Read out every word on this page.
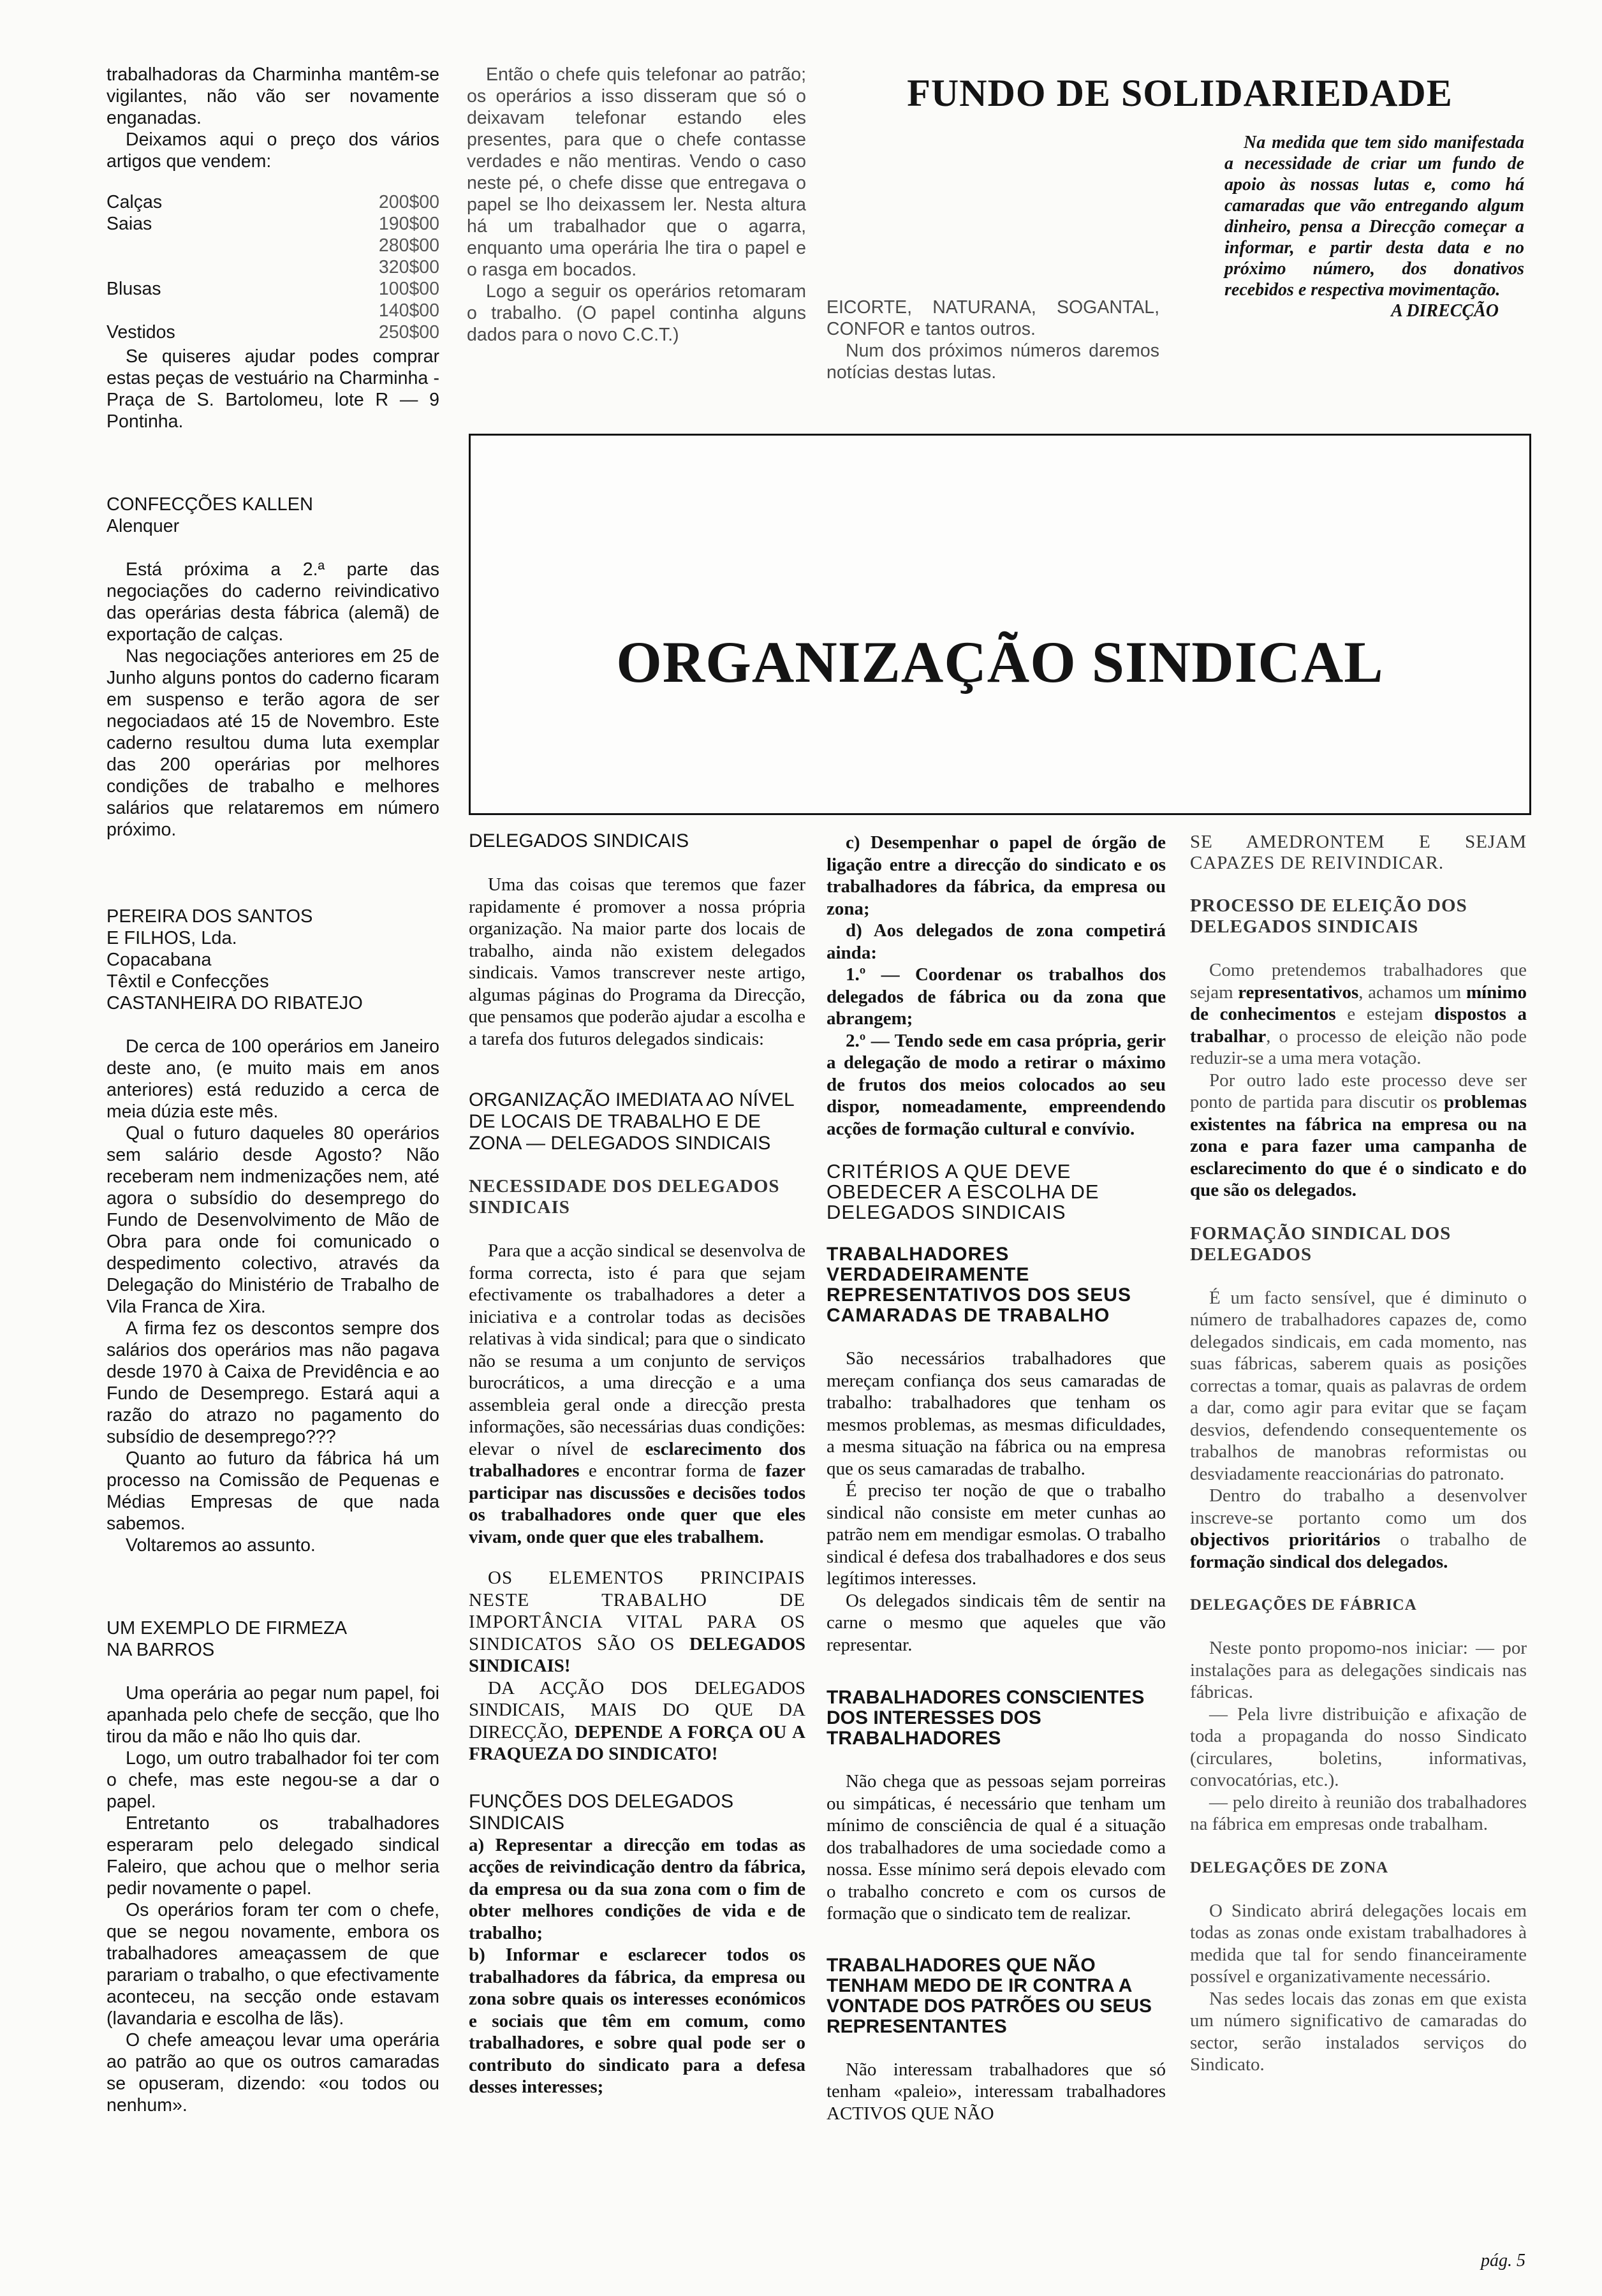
trabalhadoras da Charminha mantêm-se vigilantes, não vão ser novamente enganadas.

Deixamos aqui o preço dos vários artigos que vendem:

Calças	200$00
Saias	190$00
	280$00
	320$00
Blusas	100$00
	140$00
Vestidos	250$00

Se quiseres ajudar podes comprar estas peças de vestuário na Charminha - Praça de S. Bartolomeu, lote R — 9 Pontinha.

CONFECÇÕES KALLEN
Alenquer

Está próxima a 2.ª parte das negociações do caderno reivindicativo das operárias desta fábrica (alemã) de exportação de calças.

Nas negociações anteriores em 25 de Junho alguns pontos do caderno ficaram em suspenso e terão agora de ser negociadaos até 15 de Novembro. Este caderno resultou duma luta exemplar das 200 operárias por melhores condições de trabalho e melhores salários que relataremos em número próximo.

PEREIRA DOS SANTOS
E FILHOS, Lda.
Copacabana
Têxtil e Confecções
CASTANHEIRA DO RIBATEJO

De cerca de 100 operários em Janeiro deste ano, (e muito mais em anos anteriores) está reduzido a cerca de meia dúzia este mês.

Qual o futuro daqueles 80 operários sem salário desde Agosto? Não receberam nem indmenizações nem, até agora o subsídio do desemprego do Fundo de Desenvolvimento de Mão de Obra para onde foi comunicado o despedimento colectivo, através da Delegação do Ministério de Trabalho de Vila Franca de Xira.

A firma fez os descontos sempre dos salários dos operários mas não pagava desde 1970 à Caixa de Previdência e ao Fundo de Desemprego. Estará aqui a razão do atrazo no pagamento do subsídio de desemprego???

Quanto ao futuro da fábrica há um processo na Comissão de Pequenas e Médias Empresas de que nada sabemos.

Voltaremos ao assunto.

UM EXEMPLO DE FIRMEZA
NA BARROS

Uma operária ao pegar num papel, foi apanhada pelo chefe de secção, que lho tirou da mão e não lho quis dar.

Logo, um outro trabalhador foi ter com o chefe, mas este negou-se a dar o papel.

Entretanto os trabalhadores esperaram pelo delegado sindical Faleiro, que achou que o melhor seria pedir novamente o papel.

Os operários foram ter com o chefe, que se negou novamente, embora os trabalhadores ameaçassem de que parariam o trabalho, o que efectivamente aconteceu, na secção onde estavam (lavandaria e escolha de lãs).

O chefe ameaçou levar uma operária ao patrão ao que os outros camaradas se opuseram, dizendo: «ou todos ou nenhum».

Então o chefe quis telefonar ao patrão; os operários a isso disseram que só o deixavam telefonar estando eles presentes, para que o chefe contasse verdades e não mentiras. Vendo o caso neste pé, o chefe disse que entregava o papel se lho deixassem ler. Nesta altura há um trabalhador que o agarra, enquanto uma operária lhe tira o papel e o rasga em bocados.

Logo a seguir os operários retomaram o trabalho. (O papel continha alguns dados para o novo C.C.T.)

EICORTE, NATURANA, SOGANTAL, CONFOR e tantos outros.

Num dos próximos números daremos notícias destas lutas.

FUNDO DE SOLIDARIEDADE

Na medida que tem sido manifestada a necessidade de criar um fundo de apoio às nossas lutas e, como há camaradas que vão entregando algum dinheiro, pensa a Direcção começar a informar, e partir desta data e no próximo número, dos donativos recebidos e respectiva movimentação.

A DIRECÇÃO
ORGANIZAÇÃO SINDICAL
DELEGADOS SINDICAIS

Uma das coisas que teremos que fazer rapidamente é promover a nossa própria organização. Na maior parte dos locais de trabalho, ainda não existem delegados sindicais. Vamos transcrever neste artigo, algumas páginas do Programa da Direcção, que pensamos que poderão ajudar a escolha e a tarefa dos futuros delegados sindicais:

ORGANIZAÇÃO IMEDIATA AO NÍVEL DE LOCAIS DE TRABALHO E DE ZONA — DELEGADOS SINDICAIS
NECESSIDADE DOS DELEGADOS SINDICAIS

Para que a acção sindical se desenvolva de forma correcta, isto é para que sejam efectivamente os trabalhadores a deter a iniciativa e a controlar todas as decisões relativas à vida sindical; para que o sindicato não se resuma a um conjunto de serviços burocráticos, a uma direcção e a uma assembleia geral onde a direcção presta informações, são necessárias duas condições: elevar o nível de esclarecimento dos trabalhadores e encontrar forma de fazer participar nas discussões e decisões todos os trabalhadores onde quer que eles vivam, onde quer que eles trabalhem.

OS ELEMENTOS PRINCIPAIS NESTE TRABALHO DE IMPORTÂNCIA VITAL PARA OS SINDICATOS SÃO OS DELEGADOS SINDICAIS!

DA ACÇÃO DOS DELEGADOS SINDICAIS, MAIS DO QUE DA DIRECÇÃO, DEPENDE A FORÇA OU A FRAQUEZA DO SINDICATO!

FUNÇÕES DOS DELEGADOS SINDICAIS

a) Representar a direcção em todas as acções de reivindicação dentro da fábrica, da empresa ou da sua zona com o fim de obter melhores condições de vida e de trabalho;

b) Informar e esclarecer todos os trabalhadores da fábrica, da empresa ou zona sobre quais os interesses económicos e sociais que têm em comum, como trabalhadores, e sobre qual pode ser o contributo do sindicato para a defesa desses interesses;

c) Desempenhar o papel de órgão de ligação entre a direcção do sindicato e os trabalhadores da fábrica, da empresa ou zona;

d) Aos delegados de zona competirá ainda:

1.º — Coordenar os trabalhos dos delegados de fábrica ou da zona que abrangem;

2.º — Tendo sede em casa própria, gerir a delegação de modo a retirar o máximo de frutos dos meios colocados ao seu dispor, nomeadamente, empreendendo acções de formação cultural e convívio.

CRITÉRIOS A QUE DEVE OBEDECER A ESCOLHA DE DELEGADOS SINDICAIS
TRABALHADORES VERDADEIRAMENTE REPRESENTATIVOS DOS SEUS CAMARADAS DE TRABALHO

São necessários trabalhadores que mereçam confiança dos seus camaradas de trabalho: trabalhadores que tenham os mesmos problemas, as mesmas dificuldades, a mesma situação na fábrica ou na empresa que os seus camaradas de trabalho.

É preciso ter noção de que o trabalho sindical não consiste em meter cunhas ao patrão nem em mendigar esmolas. O trabalho sindical é defesa dos trabalhadores e dos seus legítimos interesses.

Os delegados sindicais têm de sentir na carne o mesmo que aqueles que vão representar.

TRABALHADORES CONSCIENTES DOS INTERESSES DOS TRABALHADORES

Não chega que as pessoas sejam porreiras ou simpáticas, é necessário que tenham um mínimo de consciência de qual é a situação dos trabalhadores de uma sociedade como a nossa. Esse mínimo será depois elevado com o trabalho concreto e com os cursos de formação que o sindicato tem de realizar.

TRABALHADORES QUE NÃO TENHAM MEDO DE IR CONTRA A VONTADE DOS PATRÕES OU SEUS REPRESENTANTES

Não interessam trabalhadores que só tenham «paleio», interessam trabalhadores ACTIVOS QUE NÃO

SE AMEDRONTEM E SEJAM CAPAZES DE REIVINDICAR.

PROCESSO DE ELEIÇÃO DOS DELEGADOS SINDICAIS

Como pretendemos trabalhadores que sejam representativos, achamos um mínimo de conhecimentos e estejam dispostos a trabalhar, o processo de eleição não pode reduzir-se a uma mera votação.

Por outro lado este processo deve ser ponto de partida para discutir os problemas existentes na fábrica na empresa ou na zona e para fazer uma campanha de esclarecimento do que é o sindicato e do que são os delegados.

FORMAÇÃO SINDICAL DOS DELEGADOS

É um facto sensível, que é diminuto o número de trabalhadores capazes de, como delegados sindicais, em cada momento, nas suas fábricas, saberem quais as posições correctas a tomar, quais as palavras de ordem a dar, como agir para evitar que se façam desvios, defendendo consequentemente os trabalhos de manobras reformistas ou desviadamente reaccionárias do patronato.

Dentro do trabalho a desenvolver inscreve-se portanto como um dos objectivos prioritários o trabalho de formação sindical dos delegados.

DELEGAÇÕES DE FÁBRICA

Neste ponto propomo-nos iniciar: — por instalações para as delegações sindicais nas fábricas.

— Pela livre distribuição e afixação de toda a propaganda do nosso Sindicato (circulares, boletins, informativas, convocatórias, etc.).

— pelo direito à reunião dos trabalhadores na fábrica em empresas onde trabalham.

DELEGAÇÕES DE ZONA

O Sindicato abrirá delegações locais em todas as zonas onde existam trabalhadores à medida que tal for sendo financeiramente possível e organizativamente necessário.

Nas sedes locais das zonas em que exista um número significativo de camaradas do sector, serão instalados serviços do Sindicato.

pág. 5
